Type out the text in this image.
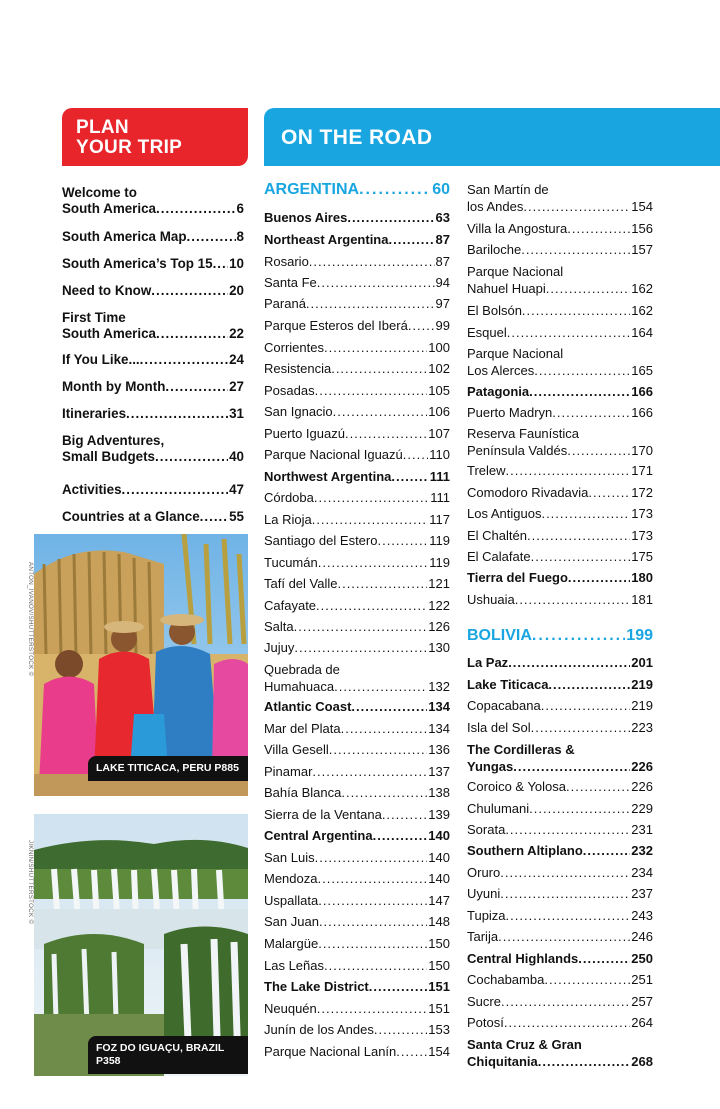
PLAN
YOUR TRIP	ON THE ROAD
LAKE TITICACA, PERU P885
ANTON_IVANOV/SHUTTERSTOCK ©
FOZ DO IGUAÇU, BRAZIL
P358
JIKNIN/SHUTTERSTOCK ©
ARGENTINA .....	60
Buenos Aires .....	63
Northeast Argentina .....	87
Rosario .....	87
Santa Fe .....	94
Paraná .....	97
Parque Esteros del Iberá ..... 99
Corrientes .....	100
Resistencia .....	102
Posadas .....	105
San Ignacio .....	106
Puerto Iguazú .....	107
Parque Nacional Iguazú ..... 110
Northwest Argentina .....	111
Córdoba .....	111
La Rioja .....	117
Santiago del Estero .....	119
Tucumán .....	119
Tafí del Valle .....	121
Cafayate .....	122
Salta .....	126
Jujuy .....	130
Quebrada de
Humahuaca .....	132
Atlantic Coast .....	134
Mar del Plata .....	134
Villa Gesell .....	136
Pinamar .....	137
Bahía Blanca .....	138
Sierra de la Ventana .....	139
Central Argentina .....	140
San Luis .....	140
Mendoza .....	140
Uspallata .....	147
San Juan .....	148
Malargüe .....	150
Las Leñas .....	150
The Lake District .....	151
Neuquén .....	151
Junín de los Andes .....	153
Parque Nacional Lanín ..... 154
San Martín de
los Andes .....	154
Villa la Angostura .....	156
Bariloche .....	157
Parque Nacional
Nahuel Huapi .....	162
El Bolsón .....	162
Esquel .....	164
Parque Nacional
Los Alerces .....	165
Patagonia .....	166
Puerto Madryn .....	166
Reserva Faunística
Península Valdés .....	170
Trelew .....	171
Comodoro Rivadavia .....	172
Los Antiguos .....	173
El Chaltén .....	173
El Calafate .....	175
Tierra del Fuego .....	180
Ushuaia .....	181
BOLIVIA .....	199
La Paz .....	201
Lake Titicaca .....	219
Copacabana .....	219
Isla del Sol .....	223
The Cordilleras &
Yungas .....	226
Coroico & Yolosa .....	226
Chulumani .....	229
Sorata .....	231
Southern Altiplano .....	232
Oruro .....	234
Uyuni .....	237
Tupiza .....	243
Tarija .....	246
Central Highlands .....	250
Cochabamba .....	251
Sucre .....	257
Potosí .....	264
Santa Cruz & Gran
Chiquitania .....	268
Welcome to
South America .....	6
South America Map .....	8
South America’s Top 15 ..... 10
Need to Know .....	20
First Time
South America .....	22
If You Like... .....	24
Month by Month .....	27
Itineraries .....	31
Big Adventures,
Small Budgets .....	40
Activities .....	47
Countries at a Glance ..... 55
